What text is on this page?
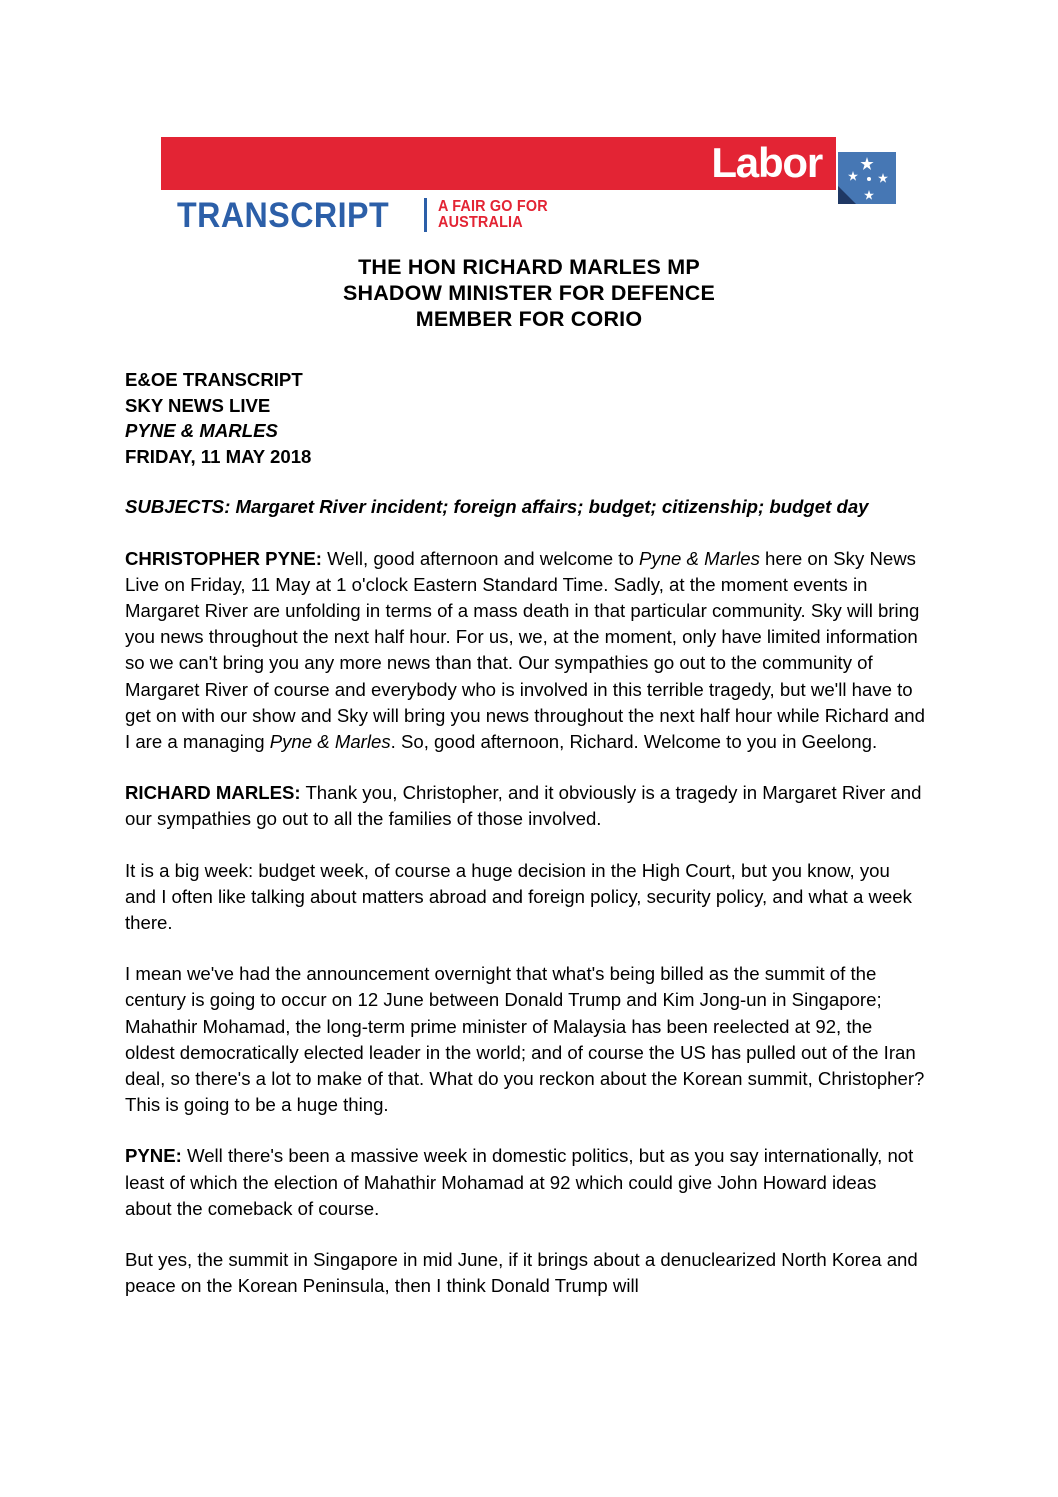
Labor
TRANSCRIPT	A FAIR GO FOR
AUSTRALIA
THE HON RICHARD MARLES MP
SHADOW MINISTER FOR DEFENCE
MEMBER FOR CORIO
E&OE TRANSCRIPT
SKY NEWS LIVE
PYNE & MARLES
FRIDAY, 11 MAY 2018
SUBJECTS: Margaret River incident; foreign affairs; budget; citizenship; budget day

CHRISTOPHER PYNE: Well, good afternoon and welcome to Pyne & Marles here on Sky News Live on Friday, 11 May at 1 o'clock Eastern Standard Time. Sadly, at the moment events in Margaret River are unfolding in terms of a mass death in that particular community. Sky will bring you news throughout the next half hour. For us, we, at the moment, only have limited information so we can't bring you any more news than that. Our sympathies go out to the community of Margaret River of course and everybody who is involved in this terrible tragedy, but we'll have to get on with our show and Sky will bring you news throughout the next half hour while Richard and I are a managing Pyne & Marles. So, good afternoon, Richard. Welcome to you in Geelong.

RICHARD MARLES: Thank you, Christopher, and it obviously is a tragedy in Margaret River and our sympathies go out to all the families of those involved.

It is a big week: budget week, of course a huge decision in the High Court, but you know, you and I often like talking about matters abroad and foreign policy, security policy, and what a week there.

I mean we've had the announcement overnight that what's being billed as the summit of the century is going to occur on 12 June between Donald Trump and Kim Jong-un in Singapore; Mahathir Mohamad, the long-term prime minister of Malaysia has been reelected at 92, the oldest democratically elected leader in the world; and of course the US has pulled out of the Iran deal, so there's a lot to make of that. What do you reckon about the Korean summit, Christopher? This is going to be a huge thing.

PYNE: Well there's been a massive week in domestic politics, but as you say internationally, not least of which the election of Mahathir Mohamad at 92 which could give John Howard ideas about the comeback of course.

But yes, the summit in Singapore in mid June, if it brings about a denuclearized North Korea and peace on the Korean Peninsula, then I think Donald Trump will
